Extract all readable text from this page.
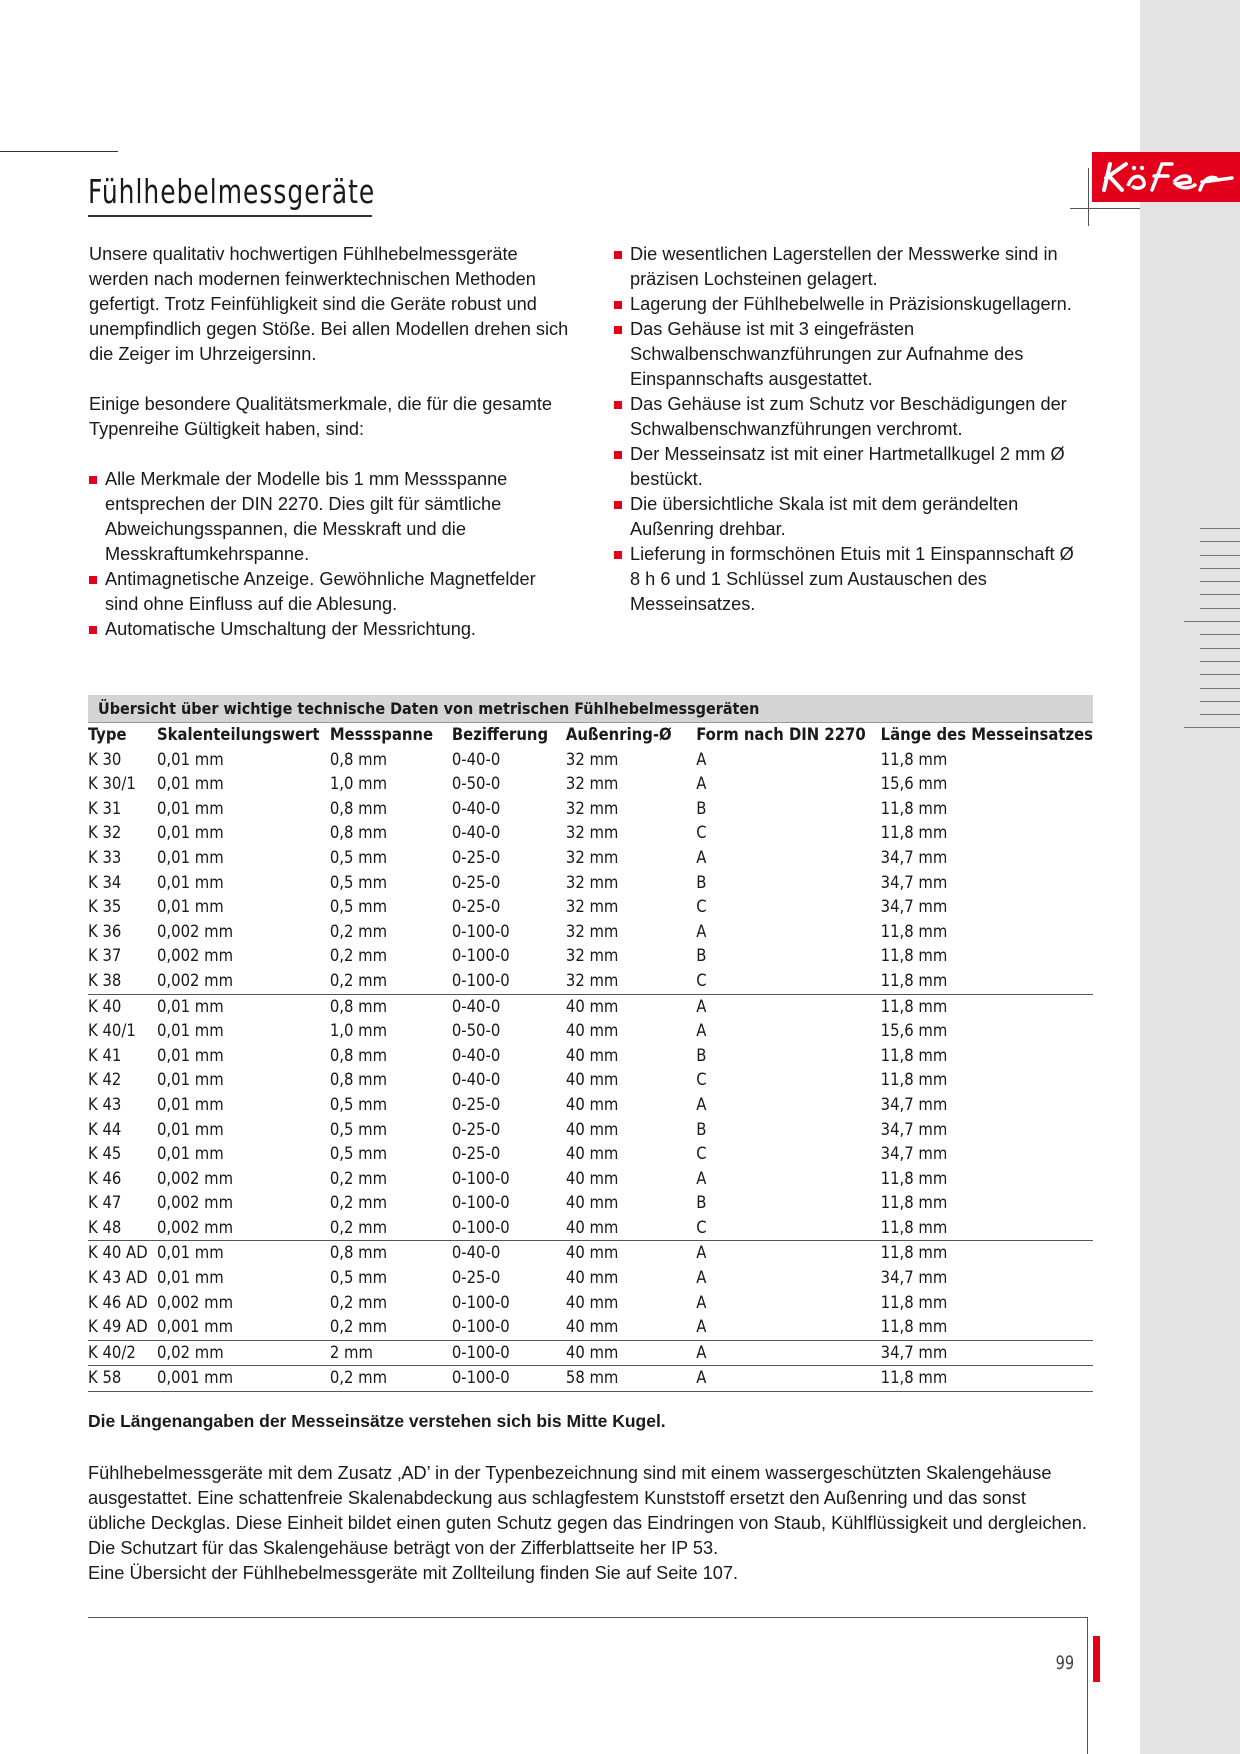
Fühlhebelmessgeräte

Unsere qualitativ hochwertigen Fühlhebelmessgeräte werden nach modernen feinwerktechnischen Methoden gefertigt. Trotz Feinfühligkeit sind die Geräte robust und unempfindlich gegen Stöße. Bei allen Modellen drehen sich die Zeiger im Uhrzeigersinn.

Einige besondere Qualitätsmerkmale, die für die gesamte Typenreihe Gültigkeit haben, sind:

Alle Merkmale der Modelle bis 1 mm Messspanne entsprechen der DIN 2270. Dies gilt für sämtliche Abweichungsspannen, die Messkraft und die Messkraftumkehrspanne.
Antimagnetische Anzeige. Gewöhnliche Magnetfelder sind ohne Einfluss auf die Ablesung.
Automatische Umschaltung der Messrichtung.
Die wesentlichen Lagerstellen der Messwerke sind in präzisen Lochsteinen gelagert.
Lagerung der Fühlhebelwelle in Präzisionskugellagern.
Das Gehäuse ist mit 3 eingefrästen Schwalbenschwanzführungen zur Aufnahme des Einspannschafts ausgestattet.
Das Gehäuse ist zum Schutz vor Beschädigungen der Schwalbenschwanzführungen verchromt.
Der Messeinsatz ist mit einer Hartmetallkugel 2 mm Ø bestückt.
Die übersichtliche Skala ist mit dem gerändelten Außenring drehbar.
Lieferung in formschönen Etuis mit 1 Einspannschaft Ø 8 h 6 und 1 Schlüssel zum Austauschen des Messeinsatzes.
Übersicht über wichtige technische Daten von metrischen Fühlhebelmessgeräten
Type	Skalenteilungswert	Messspanne	Bezifferung	Außenring-Ø	Form nach DIN 2270	Länge des Messeinsatzes
K 30	0,01 mm	0,8 mm	0-40-0	32 mm	A	11,8 mm
K 30/1	0,01 mm	1,0 mm	0-50-0	32 mm	A	15,6 mm
K 31	0,01 mm	0,8 mm	0-40-0	32 mm	B	11,8 mm
K 32	0,01 mm	0,8 mm	0-40-0	32 mm	C	11,8 mm
K 33	0,01 mm	0,5 mm	0-25-0	32 mm	A	34,7 mm
K 34	0,01 mm	0,5 mm	0-25-0	32 mm	B	34,7 mm
K 35	0,01 mm	0,5 mm	0-25-0	32 mm	C	34,7 mm
K 36	0,002 mm	0,2 mm	0-100-0	32 mm	A	11,8 mm
K 37	0,002 mm	0,2 mm	0-100-0	32 mm	B	11,8 mm
K 38	0,002 mm	0,2 mm	0-100-0	32 mm	C	11,8 mm
K 40	0,01 mm	0,8 mm	0-40-0	40 mm	A	11,8 mm
K 40/1	0,01 mm	1,0 mm	0-50-0	40 mm	A	15,6 mm
K 41	0,01 mm	0,8 mm	0-40-0	40 mm	B	11,8 mm
K 42	0,01 mm	0,8 mm	0-40-0	40 mm	C	11,8 mm
K 43	0,01 mm	0,5 mm	0-25-0	40 mm	A	34,7 mm
K 44	0,01 mm	0,5 mm	0-25-0	40 mm	B	34,7 mm
K 45	0,01 mm	0,5 mm	0-25-0	40 mm	C	34,7 mm
K 46	0,002 mm	0,2 mm	0-100-0	40 mm	A	11,8 mm
K 47	0,002 mm	0,2 mm	0-100-0	40 mm	B	11,8 mm
K 48	0,002 mm	0,2 mm	0-100-0	40 mm	C	11,8 mm
K 40 AD	0,01 mm	0,8 mm	0-40-0	40 mm	A	11,8 mm
K 43 AD	0,01 mm	0,5 mm	0-25-0	40 mm	A	34,7 mm
K 46 AD	0,002 mm	0,2 mm	0-100-0	40 mm	A	11,8 mm
K 49 AD	0,001 mm	0,2 mm	0-100-0	40 mm	A	11,8 mm
K 40/2	0,02 mm	2 mm	0-100-0	40 mm	A	34,7 mm
K 58	0,001 mm	0,2 mm	0-100-0	58 mm	A	11,8 mm

Die Längenangaben der Messeinsätze verstehen sich bis Mitte Kugel.

Fühlhebelmessgeräte mit dem Zusatz ‚AD’ in der Typenbezeichnung sind mit einem wassergeschützten Skalengehäuse ausgestattet. Eine schattenfreie Skalenabdeckung aus schlagfestem Kunststoff ersetzt den Außenring und das sonst übliche Deckglas. Diese Einheit bildet einen guten Schutz gegen das Eindringen von Staub, Kühlflüssigkeit und dergleichen. Die Schutzart für das Skalengehäuse beträgt von der Zifferblattseite her IP 53.
Eine Übersicht der Fühlhebelmessgeräte mit Zollteilung finden Sie auf Seite 107.
99
